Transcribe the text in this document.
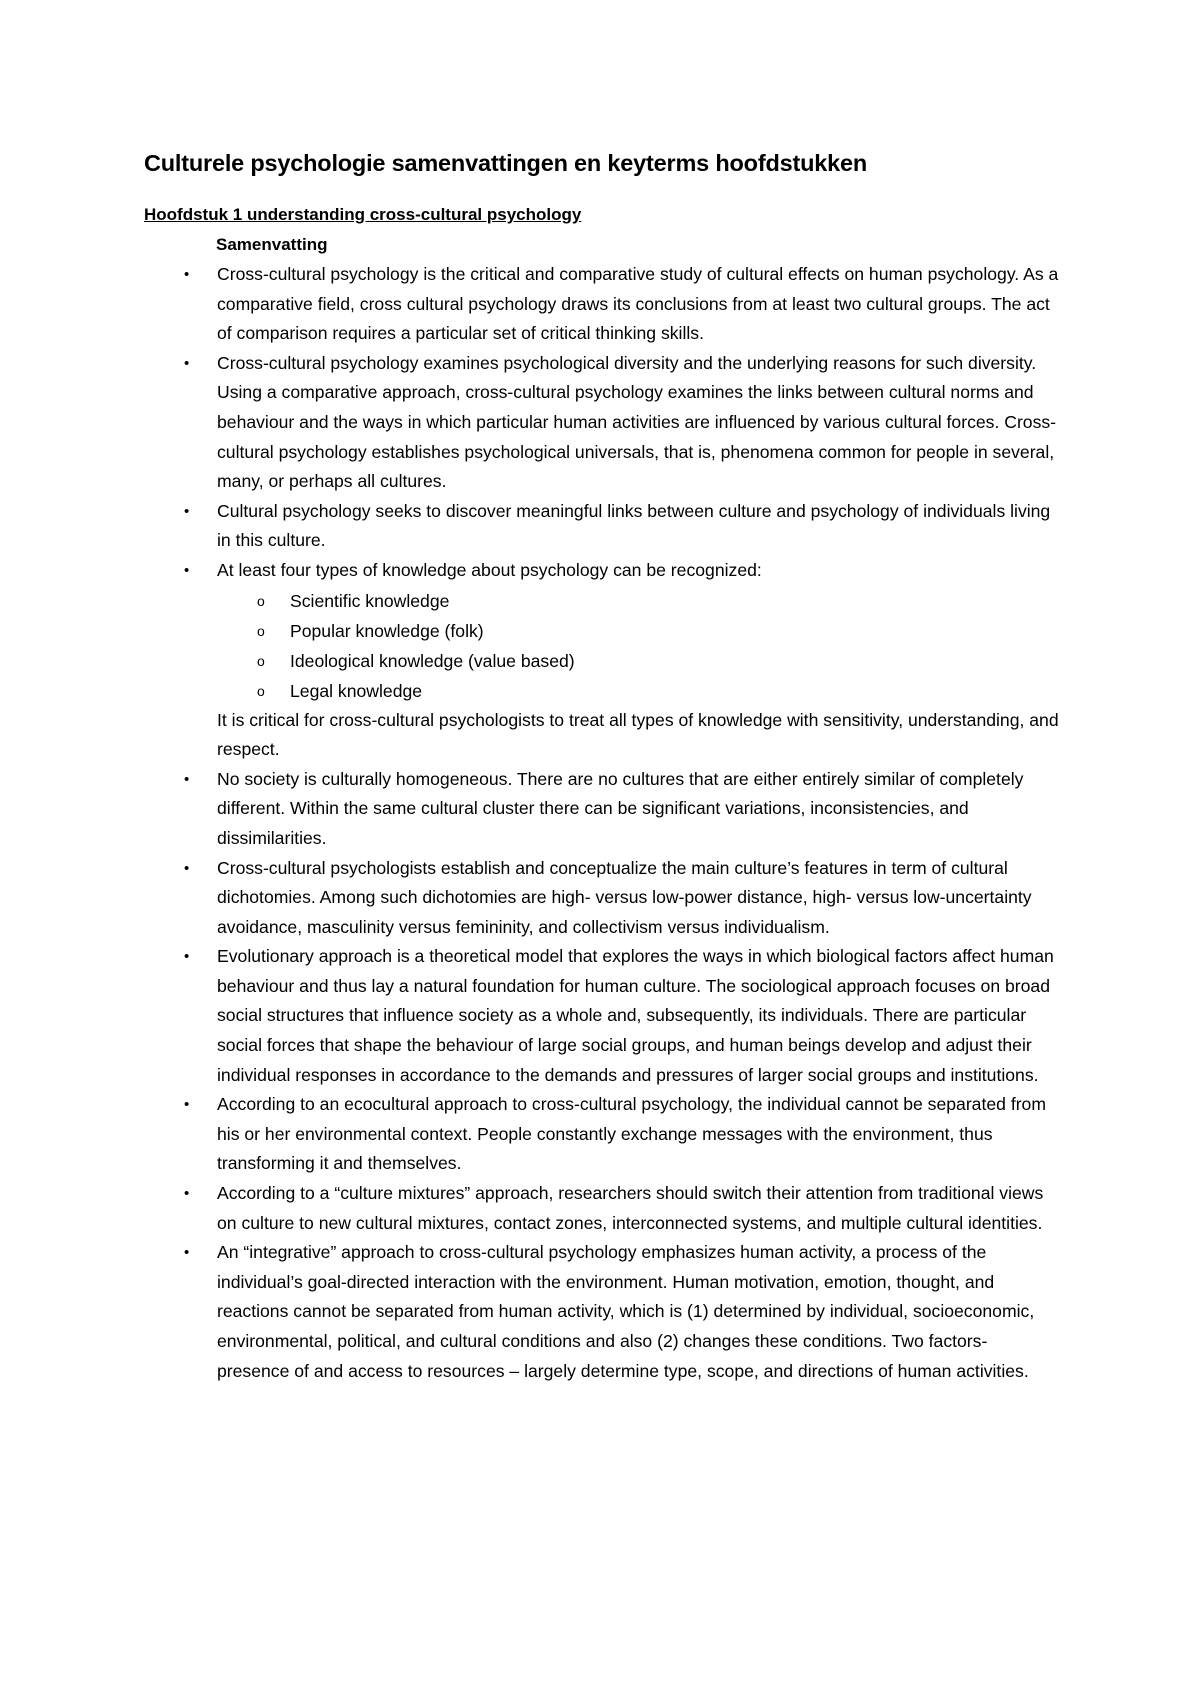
Culturele psychologie samenvattingen en keyterms hoofdstukken
Hoofdstuk 1 understanding cross-cultural psychology
Samenvatting
• Cross-cultural psychology is the critical and comparative study of cultural effects on human psychology. As a comparative field, cross cultural psychology draws its conclusions from at least two cultural groups. The act of comparison requires a particular set of critical thinking skills.
• Cross-cultural psychology examines psychological diversity and the underlying reasons for such diversity. Using a comparative approach, cross-cultural psychology examines the links between cultural norms and behaviour and the ways in which particular human activities are influenced by various cultural forces. Cross-cultural psychology establishes psychological universals, that is, phenomena common for people in several, many, or perhaps all cultures.
• Cultural psychology seeks to discover meaningful links between culture and psychology of individuals living in this culture.
• At least four types of knowledge about psychology can be recognized:
o Scientific knowledge
o Popular knowledge (folk)
o Ideological knowledge (value based)
o Legal knowledge
It is critical for cross-cultural psychologists to treat all types of knowledge with sensitivity, understanding, and respect.
• No society is culturally homogeneous. There are no cultures that are either entirely similar of completely different. Within the same cultural cluster there can be significant variations, inconsistencies, and dissimilarities.
• Cross-cultural psychologists establish and conceptualize the main culture’s features in term of cultural dichotomies. Among such dichotomies are high- versus low-power distance, high- versus low-uncertainty avoidance, masculinity versus femininity, and collectivism versus individualism.
• Evolutionary approach is a theoretical model that explores the ways in which biological factors affect human behaviour and thus lay a natural foundation for human culture. The sociological approach focuses on broad social structures that influence society as a whole and, subsequently, its individuals. There are particular social forces that shape the behaviour of large social groups, and human beings develop and adjust their individual responses in accordance to the demands and pressures of larger social groups and institutions.
• According to an ecocultural approach to cross-cultural psychology, the individual cannot be separated from his or her environmental context. People constantly exchange messages with the environment, thus transforming it and themselves.
• According to a “culture mixtures” approach, researchers should switch their attention from traditional views on culture to new cultural mixtures, contact zones, interconnected systems, and multiple cultural identities.
• An “integrative” approach to cross-cultural psychology emphasizes human activity, a process of the individual’s goal-directed interaction with the environment. Human motivation, emotion, thought, and reactions cannot be separated from human activity, which is (1) determined by individual, socioeconomic, environmental, political, and cultural conditions and also (2) changes these conditions. Two factors- presence of and access to resources – largely determine type, scope, and directions of human activities.
